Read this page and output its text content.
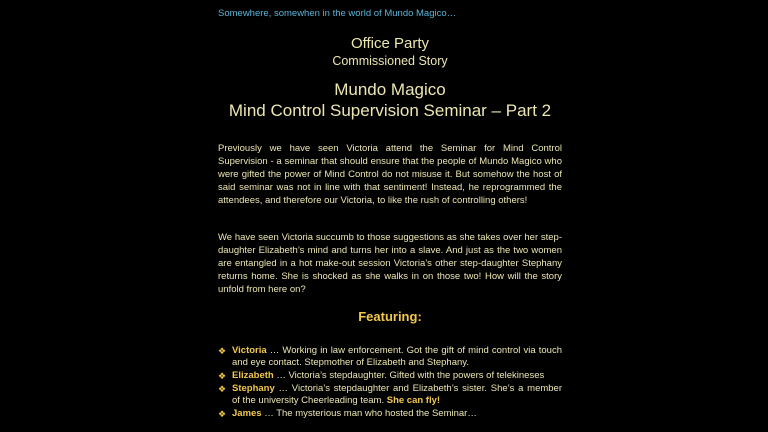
Somewhere, somewhen in the world of Mundo Magico…
Office Party
Commissioned Story
Mundo Magico
Mind Control Supervision Seminar – Part 2

Previously we have seen Victoria attend the Seminar for Mind Control Supervision - a seminar that should ensure that the people of Mundo Magico who were gifted the power of Mind Control do not misuse it. But somehow the host of said seminar was not in line with that sentiment! Instead, he reprogrammed the attendees, and therefore our Victoria, to like the rush of controlling others!

We have seen Victoria succumb to those suggestions as she takes over her step-daughter Elizabeth’s mind and turns her into a slave. And just as the two women are entangled in a hot make-out session Victoria’s other step-daughter Stephany returns home. She is shocked as she walks in on those two! How will the story unfold from here on?

Featuring:
❖ Victoria … Working in law enforcement. Got the gift of mind control via touch and eye contact. Stepmother of Elizabeth and Stephany.
❖ Elizabeth … Victoria’s stepdaughter. Gifted with the powers of telekineses
❖ Stephany … Victoria’s stepdaughter and Elizabeth’s sister. She’s a member of the university Cheerleading team. She can fly!
❖ James … The mysterious man who hosted the Seminar…
